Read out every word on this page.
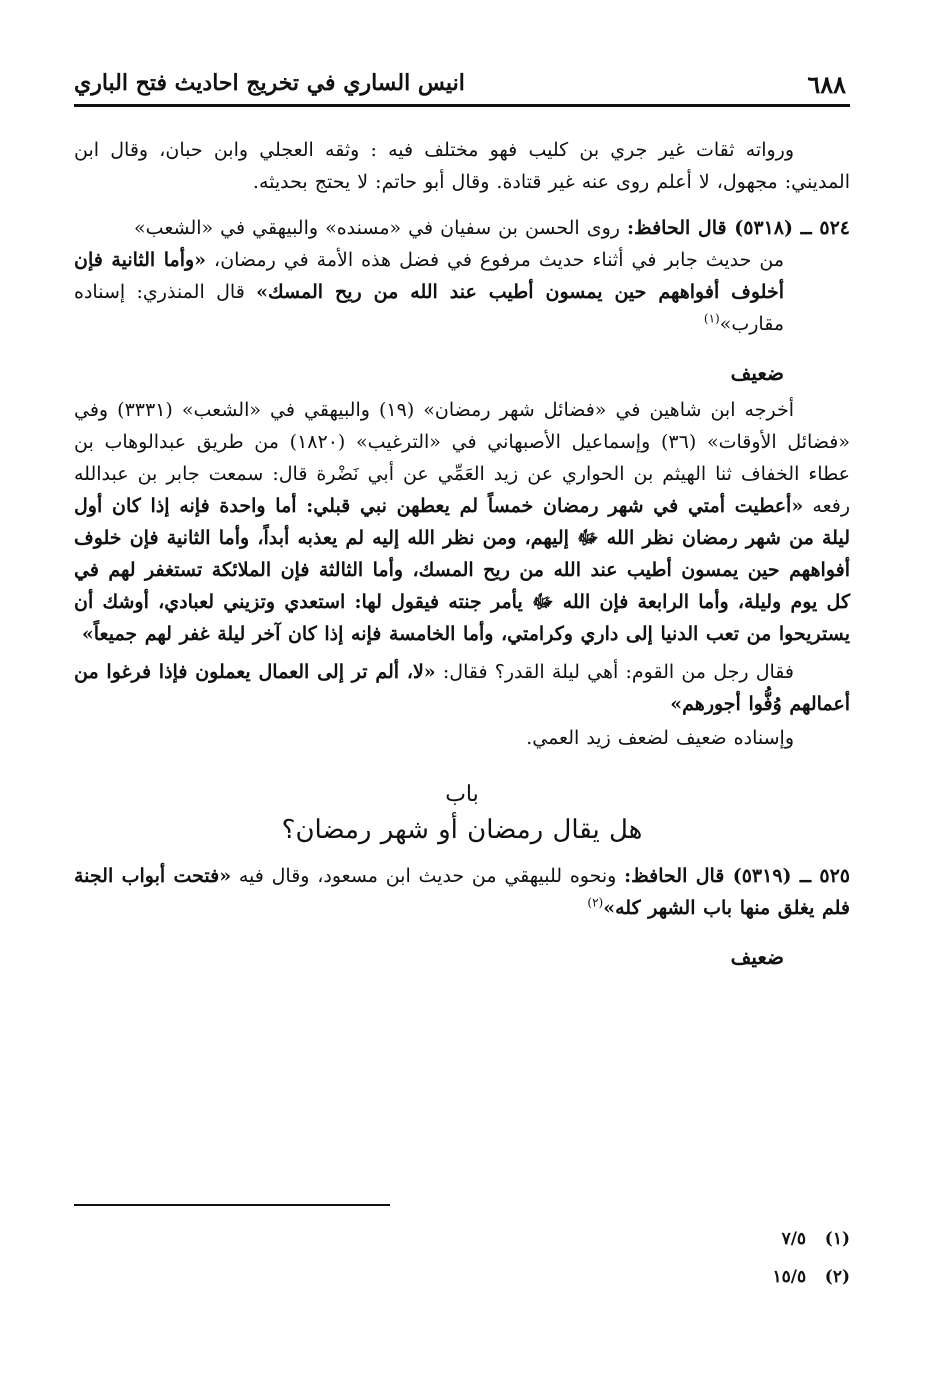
٦٨٨
انيس الساري في تخريج احاديث فتح الباري

ورواته ثقات غير جري بن كليب فهو مختلف فيه : وثقه العجلي وابن حبان، وقال ابن المديني: مجهول، لا أعلم روى عنه غير قتادة. وقال أبو حاتم: لا يحتج بحديثه.

٥٢٤ ــ (٥٣١٨) قال الحافظ: روى الحسن بن سفيان في «مسنده» والبيهقي في «الشعب»

من حديث جابر في أثناء حديث مرفوع في فضل هذه الأمة في رمضان، «وأما الثانية فإن أخلوف أفواههم حين يمسون أطيب عند الله من ريح المسك» قال المنذري: إسناده مقارب»$^{(١)}$

ضعيف

أخرجه ابن شاهين في «فضائل شهر رمضان» (١٩) والبيهقي في «الشعب» (٣٣٣١) وفي «فضائل الأوقات» (٣٦) وإسماعيل الأصبهاني في «الترغيب» (١٨٢٠) من طريق عبدالوهاب بن عطاء الخفاف ثنا الهيثم بن الحواري عن زيد العَمِّي عن أبي نَضْرة قال: سمعت جابر بن عبدالله رفعه «أعطيت أمتي في شهر رمضان خمساً لم يعطهن نبي قبلي: أما واحدة فإنه إذا كان أول ليلة من شهر رمضان نظر الله ﷻ إليهم، ومن نظر الله إليه لم يعذبه أبداً، وأما الثانية فإن خلوف أفواههم حين يمسون أطيب عند الله من ريح المسك، وأما الثالثة فإن الملائكة تستغفر لهم في كل يوم وليلة، وأما الرابعة فإن الله ﷻ يأمر جنته فيقول لها: استعدي وتزيني لعبادي، أوشك أن يستريحوا من تعب الدنيا إلى داري وكرامتي، وأما الخامسة فإنه إذا كان آخر ليلة غفر لهم جميعاً»

فقال رجل من القوم: أهي ليلة القدر؟ فقال: «لا، ألم تر إلى العمال يعملون فإذا فرغوا من أعمالهم وُفُّوا أجورهم»

وإسناده ضعيف لضعف زيد العمي.

باب
هل يقال رمضان أو شهر رمضان؟

٥٢٥ ــ (٥٣١٩) قال الحافظ: ونحوه للبيهقي من حديث ابن مسعود، وقال فيه «فتحت أبواب الجنة فلم يغلق منها باب الشهر كله»$^{(٢)}$

ضعيف

(١) ٧/٥
(٢) ١٥/٥
